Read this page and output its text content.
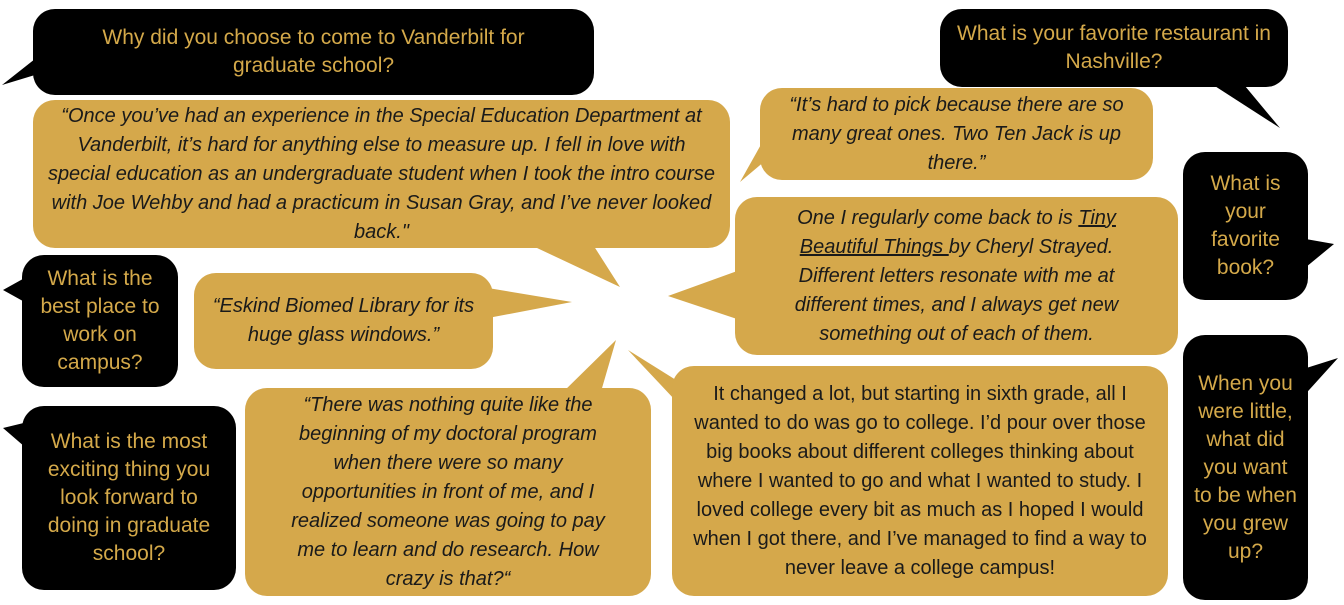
Why did you choose to come to Vanderbilt for graduate school?

What is your favorite restaurant in Nashville?

What is your favorite book?

What is the best place to work on campus?

What is the most exciting thing you look forward to doing in graduate school?

When you were little, what did you want to be when you grew up?

“Once you’ve had an experience in the Special Education Department at Vanderbilt, it’s hard for anything else to measure up. I fell in love with special education as an undergraduate student when I took the intro course with Joe Wehby and had a practicum in Susan Gray, and I’ve never looked back."

“It’s hard to pick because there are so many great ones. Two Ten Jack is up there.”

One I regularly come back to is Tiny Beautiful Things by Cheryl Strayed. Different letters resonate with me at different times, and I always get new something out of each of them.

“Eskind Biomed Library for its huge glass windows.”

“There was nothing quite like the beginning of my doctoral program when there were so many opportunities in front of me, and I realized someone was going to pay me to learn and do research. How crazy is that?“

It changed a lot, but starting in sixth grade, all I wanted to do was go to college. I’d pour over those big books about different colleges thinking about where I wanted to go and what I wanted to study. I loved college every bit as much as I hoped I would when I got there, and I’ve managed to find a way to never leave a college campus!
